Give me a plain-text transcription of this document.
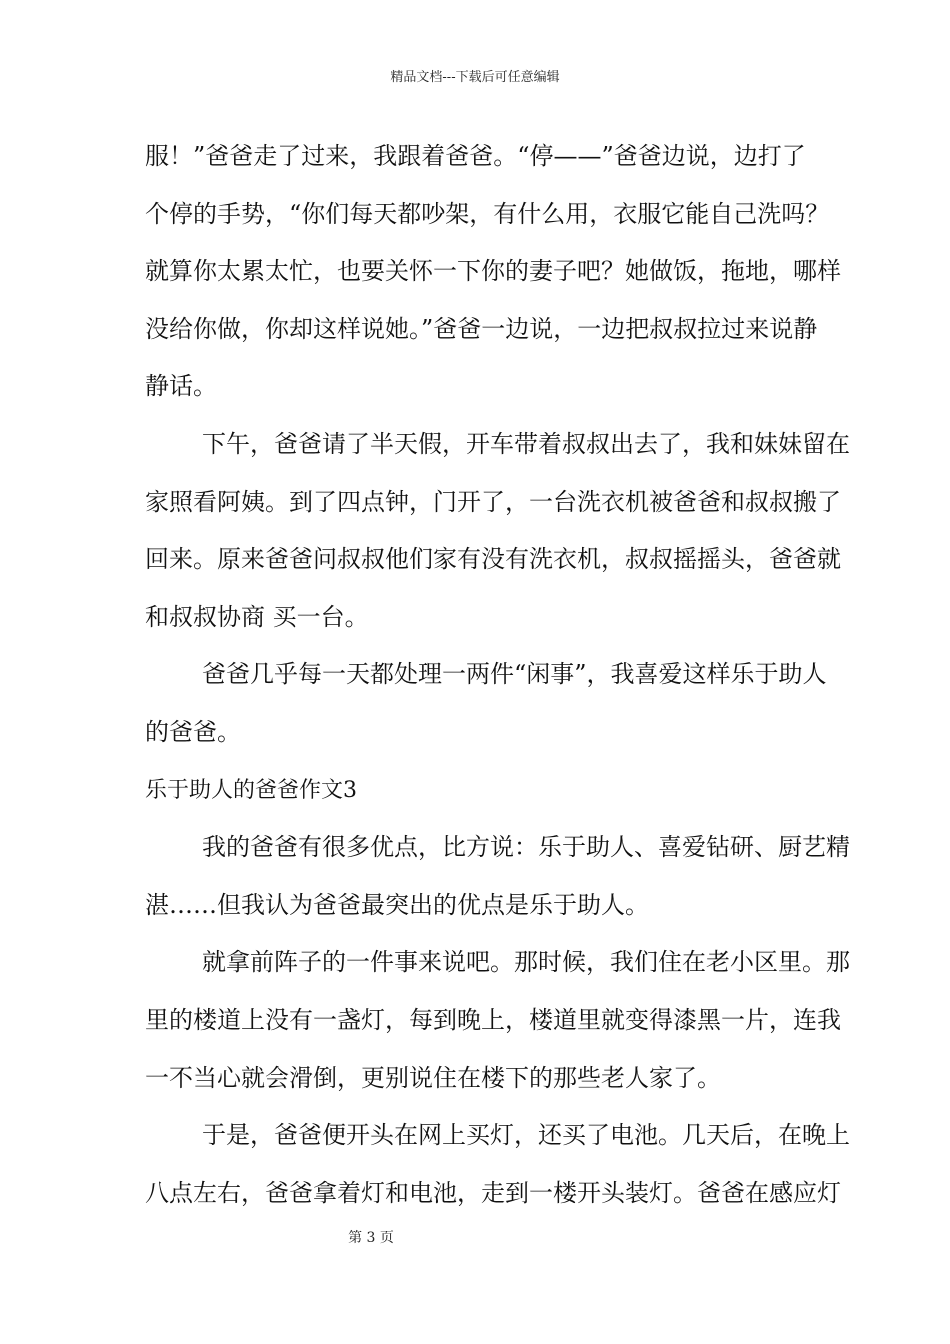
精品文档---下载后可任意编辑
服！”爸爸走了过来，我跟着爸爸。“停——”爸爸边说，边打了
个停的手势，“你们每天都吵架，有什么用，衣服它能自己洗吗？
就算你太累太忙，也要关怀一下你的妻子吧？她做饭，拖地，哪样
没给你做，你却这样说她。”爸爸一边说，一边把叔叔拉过来说静
静话。
下午，爸爸请了半天假，开车带着叔叔出去了，我和妹妹留在
家照看阿姨。到了四点钟，门开了，一台洗衣机被爸爸和叔叔搬了
回来。原来爸爸问叔叔他们家有没有洗衣机，叔叔摇摇头，爸爸就
和叔叔协商 买一台。
爸爸几乎每一天都处理一两件“闲事”，我喜爱这样乐于助人
的爸爸。
乐于助人的爸爸作文3
我的爸爸有很多优点，比方说：乐于助人、喜爱钻研、厨艺精
湛……但我认为爸爸最突出的优点是乐于助人。
就拿前阵子的一件事来说吧。那时候，我们住在老小区里。那
里的楼道上没有一盏灯，每到晚上，楼道里就变得漆黑一片，连我
一不当心就会滑倒，更别说住在楼下的那些老人家了。
于是，爸爸便开头在网上买灯，还买了电池。几天后，在晚上
八点左右，爸爸拿着灯和电池，走到一楼开头装灯。爸爸在感应灯
第 3 页
